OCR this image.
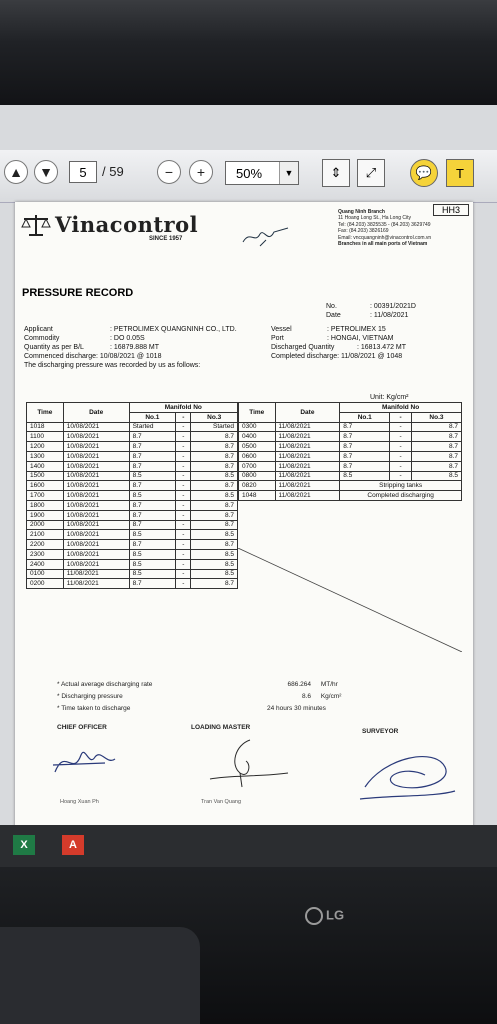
▲	▼	5	/ 59	−	+	50%	▼	⇕	⤢	💬	T
HH3
Vinacontrol
SINCE 1957
Quang Ninh Branch
11 Hoang Long St., Ha Long City
Tel: (84.203) 3825535 - (84.203) 3629749
Fax: (84.203) 3826169
Email: vncquangninh@vinacontrol.com.vn
Branches in all main ports of Vietnam
PRESSURE RECORD
No.	: 00391/2021D
Date	: 11/08/2021
Applicant	: PETROLIMEX QUANGNINH CO., LTD.
Commodity	: DO 0.05S
Quantity as per B/L	: 16879.888 MT
Commenced discharge: 10/08/2021 @ 1018
The discharging pressure was recorded by us as follows:
Vessel	: PETROLIMEX 15
Port	: HONGAI, VIETNAM
Discharged Quantity	: 16813.472 MT
Completed discharge: 11/08/2021 @ 1048
Unit: Kg/cm²
Time	Date	Manifold No		
		No.1	-	No.3
1018	10/08/2021	Started	-	Started
1100	10/08/2021	8.7	-	8.7
1200	10/08/2021	8.7	-	8.7
1300	10/08/2021	8.7	-	8.7
1400	10/08/2021	8.7	-	8.7
1500	10/08/2021	8.5	-	8.5
1600	10/08/2021	8.7	-	8.7
1700	10/08/2021	8.5	-	8.5
1800	10/08/2021	8.7	-	8.7
1900	10/08/2021	8.7	-	8.7
2000	10/08/2021	8.7	-	8.7
2100	10/08/2021	8.5	-	8.5
2200	10/08/2021	8.7	-	8.7
2300	10/08/2021	8.5	-	8.5
2400	10/08/2021	8.5	-	8.5
0100	11/08/2021	8.5	-	8.5
0200	11/08/2021	8.7	-	8.7
Time	Date	Manifold No		
		No.1	-	No.3
0300	11/08/2021	8.7	-	8.7
0400	11/08/2021	8.7	-	8.7
0500	11/08/2021	8.7	-	8.7
0600	11/08/2021	8.7	-	8.7
0700	11/08/2021	8.7	-	8.7
0800	11/08/2021	8.5	-	8.5
0820	11/08/2021	Stripping tanks		
1048	11/08/2021	Completed discharging		
* Actual average discharging rate
* Discharging pressure
* Time taken to discharge
686.264 MT/hr
8.6 Kg/cm²
24 hours 30 minutes
CHIEF OFFICER	LOADING MASTER
SURVEYOR
Hoang Xuan Ph	Tran Van Quang
X	A
LG
